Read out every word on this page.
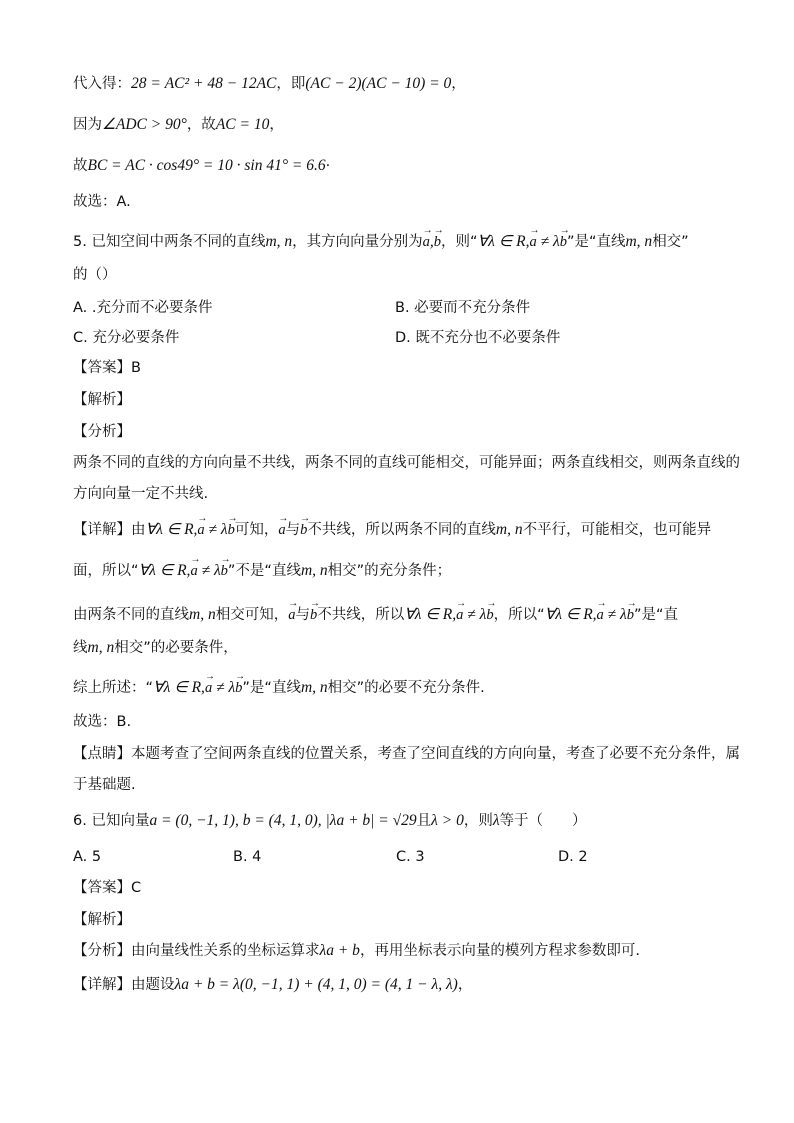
代入得：28 = AC² + 48 − 12AC，即(AC − 2)(AC − 10) = 0，
因为∠ADC > 90°，故AC = 10，
故BC = AC · cos49° = 10 · sin 41° = 6.6·
故选：A.
5. 已知空间中两条不同的直线m, n，其方向向量分别为→ a,→ b，则“∀λ ∈ R,→ a ≠ λ→ b”是“直线m, n相交”
的（）
A. .充分而不必要条件	B. 必要而不充分条件
C. 充分必要条件	D. 既不充分也不必要条件
【答案】B
【解析】
【分析】
两条不同的直线的方向向量不共线，两条不同的直线可能相交，可能异面；两条直线相交，则两条直线的
方向向量一定不共线.
【详解】由∀λ ∈ R,→ a ≠ λ→ b可知，→ a与→ b不共线，所以两条不同的直线m, n不平行，可能相交，也可能异
面，所以“∀λ ∈ R,→ a ≠ λ→ b”不是“直线m, n相交”的充分条件；
由两条不同的直线m, n相交可知，→ a与→ b不共线，所以∀λ ∈ R,→ a ≠ λ→ b，所以“∀λ ∈ R,→ a ≠ λ→ b”是“直
线m, n相交”的必要条件，
综上所述：“∀λ ∈ R,→ a ≠ λ→ b”是“直线m, n相交”的必要不充分条件.
故选：B.
【点睛】本题考查了空间两条直线的位置关系，考查了空间直线的方向向量，考查了必要不充分条件，属
于基础题.
6. 已知向量a = (0, −1, 1), b = (4, 1, 0), |λa + b| = √29且λ > 0，则λ等于（　　）
A. 5	B. 4	C. 3	D. 2
【答案】C
【解析】
【分析】由向量线性关系的坐标运算求λa + b，再用坐标表示向量的模列方程求参数即可.
【详解】由题设λa + b = λ(0, −1, 1) + (4, 1, 0) = (4, 1 − λ, λ)，
